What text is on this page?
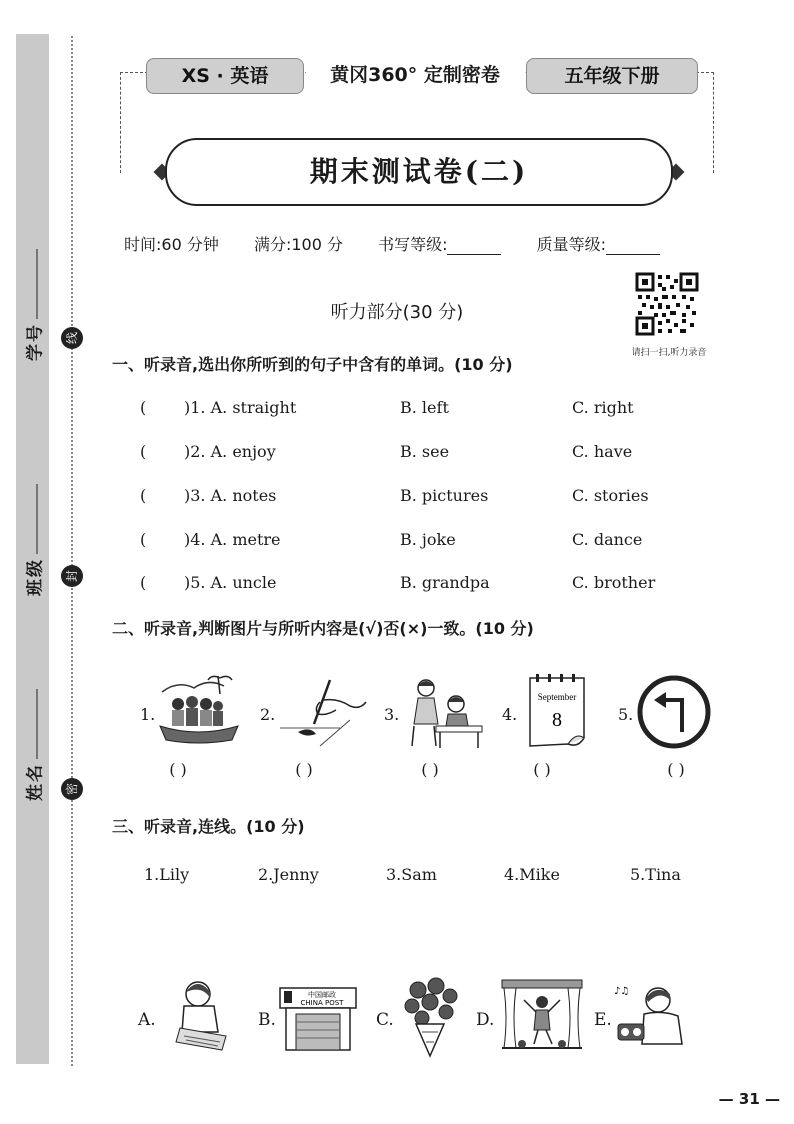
学号
班级
姓名
线
封
密
XS · 英语	黄冈360° 定制密卷	五年级下册
期末测试卷(二)
时间:60 分钟 满分:100 分 书写等级:	质量等级:
请扫一扫,听力录音
听力部分(30 分)
一、听录音,选出你所听到的句子中含有的单词。(10 分)
( )1. A. straight	B. left	C. right
( )2. A. enjoy	B. see	C. have
( )3. A. notes	B. pictures	C. stories
( )4. A. metre	B. joke	C. dance
( )5. A. uncle	B. grandpa	C. brother
二、听录音,判断图片与所听内容是(√)否(×)一致。(10 分)
1.	2.	3.	4.
September
8	5.
( )	( )	( )	( )	( )
三、听录音,连线。(10 分)
1.Lily	2.Jenny	3.Sam	4.Mike	5.Tina
A.	B.
中国邮政
CHINA POST
C.	D.	E.
♪♫
— 31 —
